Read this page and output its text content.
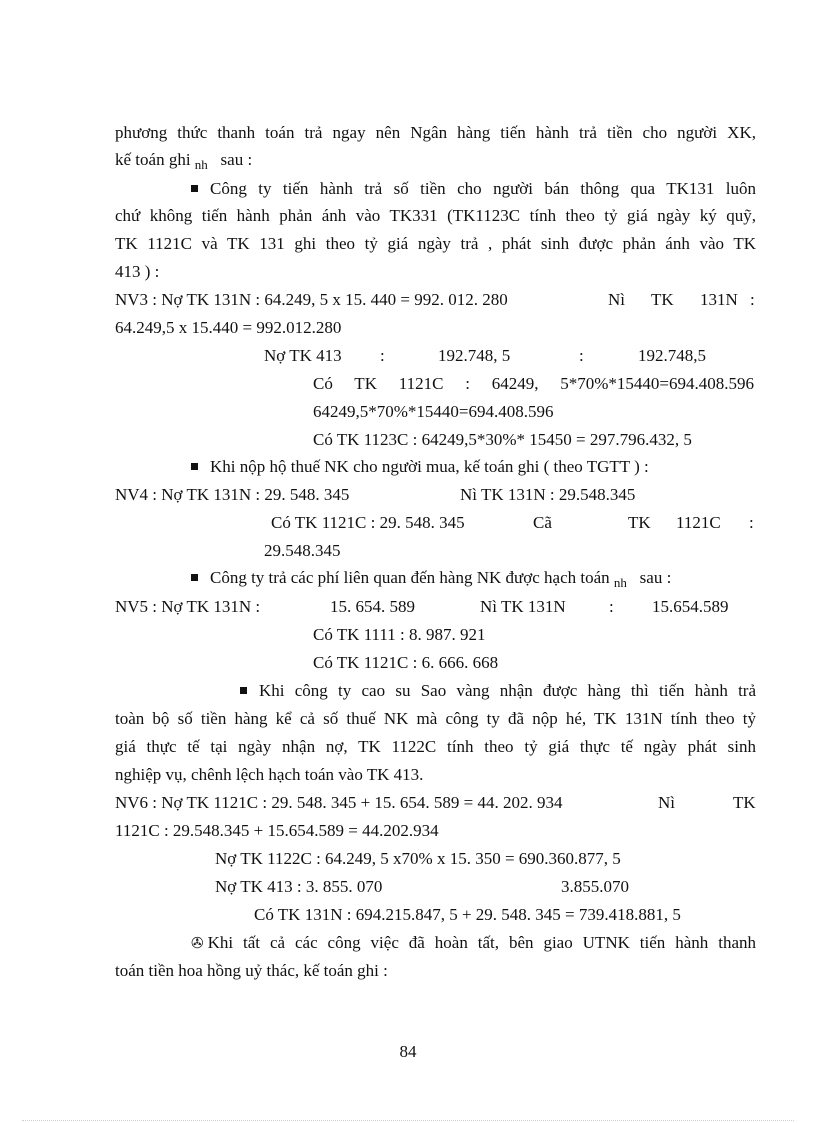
phương thức thanh toán trả ngay nên Ngân hàng tiến hành trả tiền cho người XK,
kế toán ghi $_{nh}$ sau :
Công ty tiến hành trả số tiền cho người bán thông qua TK131 luôn
chứ không tiến hành phản ánh vào TK331 (TK1123C tính theo tỷ giá ngày ký quỹ,
TK 1121C và TK 131 ghi theo tỷ giá ngày trả , phát sinh được phản ánh vào TK
413 ) :
NV3 : Nợ TK 131N : 64.249, 5 x 15. 440 = 992. 012. 280	Nì TK 131N :
64.249,5 x 15.440 = 992.012.280
Nợ TK 413 :	192.748, 5	:	192.748,5
Có TK 1121C : 64249, 5*70%*15440=694.408.596
64249,5*70%*15440=694.408.596
Có TK 1123C : 64249,5*30%* 15450 = 297.796.432, 5
Khi nộp hộ thuế NK cho người mua, kế toán ghi ( theo TGTT ) :
NV4 : Nợ TK 131N : 29. 548. 345	Nì TK 131N : 29.548.345
Có TK 1121C : 29. 548. 345	Cã	TK 1121C :
29.548.345
Công ty trả các phí liên quan đến hàng NK được hạch toán $_{nh}$ sau :
NV5 : Nợ TK 131N :	15. 654. 589	Nì TK 131N	: 15.654.589
Có TK 1111 : 8. 987. 921
Có TK 1121C : 6. 666. 668
Khi công ty cao su Sao vàng nhận được hàng thì tiến hành trả
toàn bộ số tiền hàng kể cả số thuế NK mà công ty đã nộp hé, TK 131N tính theo tỷ
giá thực tế tại ngày nhận nợ, TK 1122C tính theo tỷ giá thực tế ngày phát sinh
nghiệp vụ, chênh lệch hạch toán vào TK 413.
NV6 : Nợ TK 1121C : 29. 548. 345 + 15. 654. 589 = 44. 202. 934	Nì	TK
1121C : 29.548.345 + 15.654.589 = 44.202.934
Nợ TK 1122C : 64.249, 5 x70% x 15. 350 = 690.360.877, 5
Nợ TK 413 : 3. 855. 070	3.855.070
Có TK 131N : 694.215.847, 5 + 29. 548. 345 = 739.418.881, 5
✇ Khi tất cả các công việc đã hoàn tất, bên giao UTNK tiến hành thanh
toán tiền hoa hồng uỷ thác, kế toán ghi :
84
